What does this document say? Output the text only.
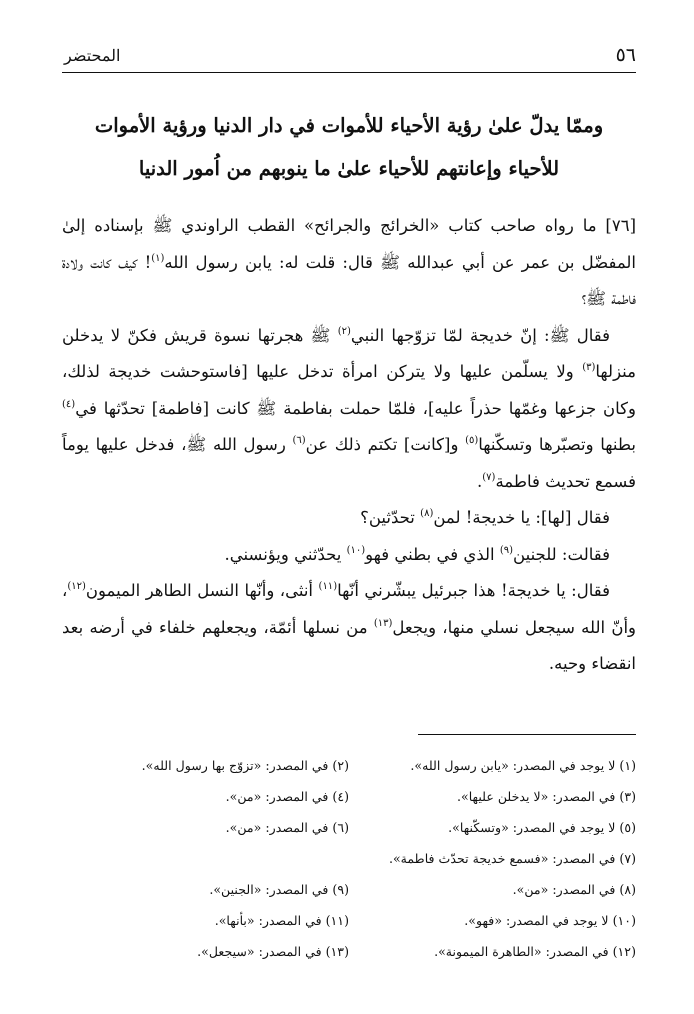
٥٦
المحتضر
وممّا يدلّ علىٰ رؤية الأحياء للأموات في دار الدنيا ورؤية الأموات
للأحياء وإعانتهم للأحياء علىٰ ما ينوبهم من اُمور الدنيا

[٧٦] ما رواه صاحب كتاب «الخرائج والجرائح» القطب الراوندي ﷺ بإسناده إلىٰ المفضّل بن عمر عن أبي عبدالله ﷺ قال: قلت له: يابن رسول الله$^{(١)}$! كيف كانت ولادة فاطمة ﷺ؟

فقال ﷺ: إنّ خديجة لمّا تزوّجها النبي$^{(٢)}$ ﷺ هجرتها نسوة قريش فكنّ لا يدخلن منزلها$^{(٣)}$ ولا يسلّمن عليها ولا يتركن امرأة تدخل عليها [فاستوحشت خديجة لذلك، وكان جزعها وغمّها حذراً عليه]، فلمّا حملت بفاطمة ﷺ كانت [فاطمة] تحدّثها في$^{(٤)}$ بطنها وتصبّرها وتسكّنها$^{(٥)}$ و[كانت] تكتم ذلك عن$^{(٦)}$ رسول الله ﷺ، فدخل عليها يوماً فسمع تحديث فاطمة$^{(٧)}$.

فقال [لها]: يا خديجة! لمن$^{(٨)}$ تحدّثين؟

فقالت: للجنين$^{(٩)}$ الذي في بطني فهو$^{(١٠)}$ يحدّثني ويؤنسني.

فقال: يا خديجة! هذا جبرئيل يبشّرني أنّها$^{(١١)}$ أنثى، وأنّها النسل الطاهر الميمون$^{(١٢)}$، وأنّ الله سيجعل نسلي منها، ويجعل$^{(١٣)}$ من نسلها أئمّة، ويجعلهم خلفاء في أرضه بعد انقضاء وحيه.

(١) لا يوجد في المصدر: «يابن رسول الله».
(٢) في المصدر: «تزوّج بها رسول الله».
(٣) في المصدر: «لا يدخلن عليها».
(٤) في المصدر: «من».
(٥) لا يوجد في المصدر: «وتسكّنها».
(٦) في المصدر: «من».
(٧) في المصدر: «فسمع خديجة تحدّث فاطمة».
(٨) في المصدر: «من».
(٩) في المصدر: «الجنين».
(١٠) لا يوجد في المصدر: «فهو».
(١١) في المصدر: «بأنها».
(١٢) في المصدر: «الطاهرة الميمونة».
(١٣) في المصدر: «سيجعل».
